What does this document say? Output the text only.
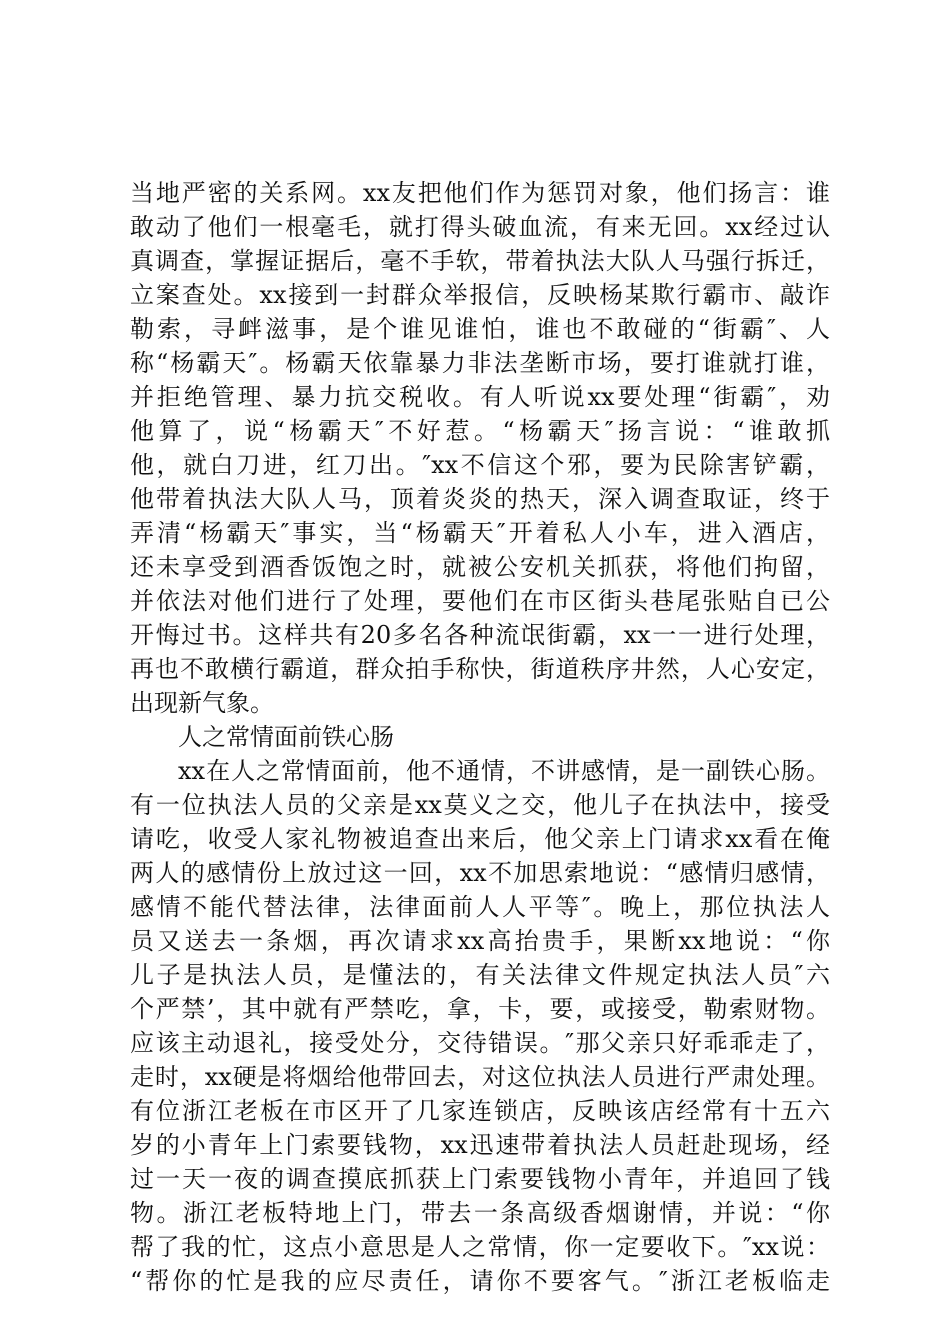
当地严密的关系网。xx友把他们作为惩罚对象，他们扬言：谁
敢动了他们一根毫毛，就打得头破血流，有来无回。xx经过认
真调查，掌握证据后，毫不手软，带着执法大队人马强行拆迁，
立案查处。xx接到一封群众举报信，反映杨某欺行霸市、敲诈
勒索，寻衅滋事，是个谁见谁怕，谁也不敢碰的“街霸″、人
称“杨霸天″。杨霸天依靠暴力非法垄断市场，要打谁就打谁，
并拒绝管理、暴力抗交税收。有人听说xx要处理“街霸″，劝
他算了，说“杨霸天″不好惹。“杨霸天″扬言说：“谁敢抓
他，就白刀进，红刀出。″xx不信这个邪，要为民除害铲霸，
他带着执法大队人马，顶着炎炎的热天，深入调查取证，终于
弄清“杨霸天″事实，当“杨霸天″开着私人小车，进入酒店，
还未享受到酒香饭饱之时，就被公安机关抓获，将他们拘留，
并依法对他们进行了处理，要他们在市区街头巷尾张贴自已公
开悔过书。这样共有20多名各种流氓街霸，xx一一进行处理，
再也不敢横行霸道，群众拍手称快，街道秩序井然，人心安定，
出现新气象。
人之常情面前铁心肠
xx在人之常情面前，他不通情，不讲感情，是一副铁心肠。
有一位执法人员的父亲是xx莫义之交，他儿子在执法中，接受
请吃，收受人家礼物被追查出来后，他父亲上门请求xx看在俺
两人的感情份上放过这一回，xx不加思索地说：“感情归感情，
感情不能代替法律，法律面前人人平等″。晚上，那位执法人
员又送去一条烟，再次请求xx高抬贵手，果断xx地说：“你
儿子是执法人员，是懂法的，有关法律文件规定执法人员″六
个严禁’，其中就有严禁吃，拿，卡，要，或接受，勒索财物。
应该主动退礼，接受处分，交待错误。″那父亲只好乖乖走了，
走时，xx硬是将烟给他带回去，对这位执法人员进行严肃处理。
有位浙江老板在市区开了几家连锁店，反映该店经常有十五六
岁的小青年上门索要钱物，xx迅速带着执法人员赶赴现场，经
过一天一夜的调查摸底抓获上门索要钱物小青年，并追回了钱
物。浙江老板特地上门，带去一条高级香烟谢情，并说：“你
帮了我的忙，这点小意思是人之常情，你一定要收下。″xx说：
“帮你的忙是我的应尽责任，请你不要客气。″浙江老板临走
